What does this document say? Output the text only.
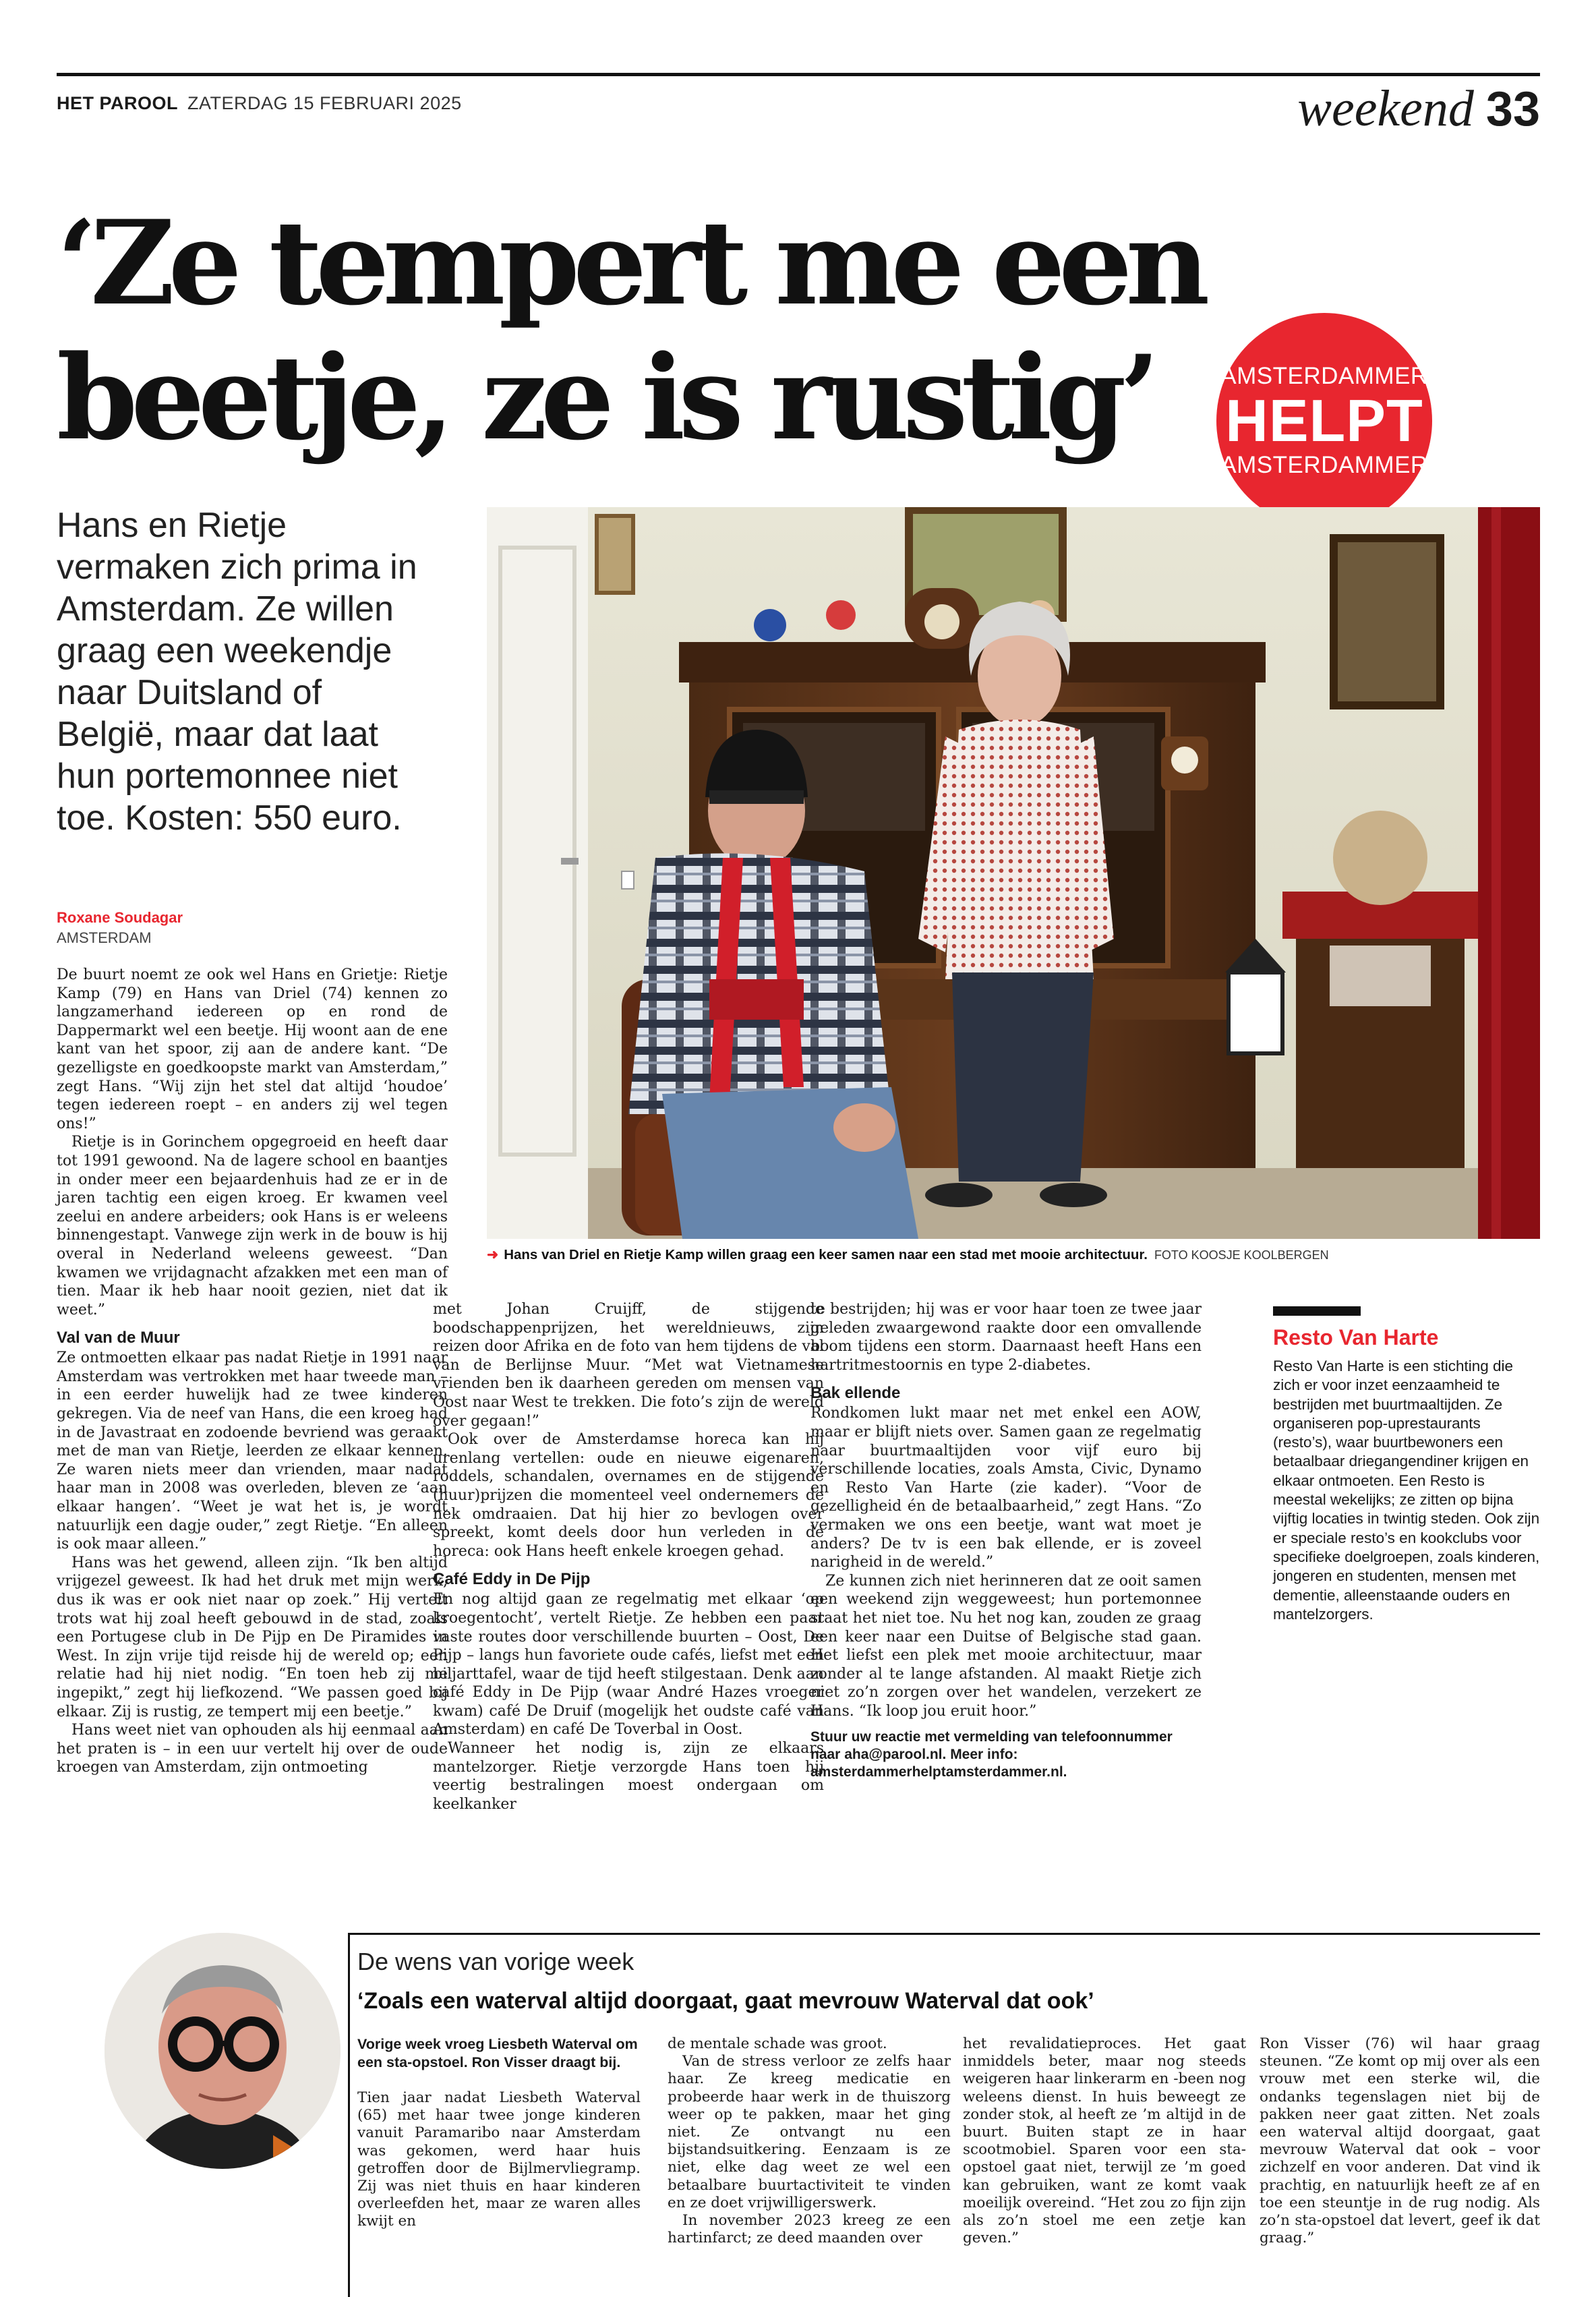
HET PAROOL ZATERDAG 15 FEBRUARI 2025	weekend 33
‘Ze tempert me een
beetje, ze is rustig’	AMSTERDAMMER
HELPT
AMSTERDAMMER
Hans en Rietje vermaken zich prima in Amsterdam. Ze willen graag een weekendje naar Duitsland of België, maar dat laat hun portemonnee niet toe. Kosten: 550 euro.
➜ Hans van Driel en Rietje Kamp willen graag een keer samen naar een stad met mooie architectuur. FOTO KOOSJE KOOLBERGEN
Roxane Soudagar
AMSTERDAM

De buurt noemt ze ook wel Hans en Grietje: Rietje Kamp (79) en Hans van Driel (74) kennen zo langzamerhand iedereen op en rond de Dappermarkt wel een beetje. Hij woont aan de ene kant van het spoor, zij aan de andere kant. “De gezelligste en goedkoopste markt van Amsterdam,” zegt Hans. “Wij zijn het stel dat altijd ‘houdoe’ tegen iedereen roept – en anders zij wel tegen ons!”

Rietje is in Gorinchem opgegroeid en heeft daar tot 1991 gewoond. Na de lagere school en baantjes in onder meer een bejaardenhuis had ze er in de jaren tachtig een eigen kroeg. Er kwamen veel zeelui en andere arbeiders; ook Hans is er weleens binnengestapt. Vanwege zijn werk in de bouw is hij overal in Nederland weleens geweest. “Dan kwamen we vrijdagnacht afzakken met een man of tien. Maar ik heb haar nooit gezien, niet dat ik weet.”

Val van de Muur

Ze ontmoetten elkaar pas nadat Rietje in 1991 naar Amsterdam was vertrokken met haar tweede man – in een eerder huwelijk had ze twee kinderen gekregen. Via de neef van Hans, die een kroeg had in de Javastraat en zodoende bevriend was geraakt met de man van Rietje, leerden ze elkaar kennen. Ze waren niets meer dan vrienden, maar nadat haar man in 2008 was overleden, bleven ze ‘aan elkaar hangen’. “Weet je wat het is, je wordt natuurlijk een dagje ouder,” zegt Rietje. “En alleen is ook maar alleen.”

Hans was het gewend, alleen zijn. “Ik ben altijd vrijgezel geweest. Ik had het druk met mijn werk, dus ik was er ook niet naar op zoek.” Hij vertelt trots wat hij zoal heeft gebouwd in de stad, zoals een Portugese club in De Pijp en De Piramides in West. In zijn vrije tijd reisde hij de wereld op; een relatie had hij niet nodig. “En toen heb zij me ingepikt,” zegt hij liefkozend. “We passen goed bij elkaar. Zij is rustig, ze tempert mij een beetje.”

Hans weet niet van ophouden als hij eenmaal aan het praten is – in een uur vertelt hij over de oude kroegen van Amsterdam, zijn ontmoeting

met Johan Cruijff, de stijgende boodschappenprijzen, het wereldnieuws, zijn reizen door Afrika en de foto van hem tijdens de val van de Berlijnse Muur. “Met wat Vietnamese vrienden ben ik daarheen gereden om mensen van Oost naar West te trekken. Die foto’s zijn de wereld over gegaan!”

Ook over de Amsterdamse horeca kan hij urenlang vertellen: oude en nieuwe eigenaren, roddels, schandalen, overnames en de stijgende (huur)prijzen die momenteel veel ondernemers de nek omdraaien. Dat hij hier zo bevlogen over spreekt, komt deels door hun verleden in de horeca: ook Hans heeft enkele kroegen gehad.

Café Eddy in De Pijp

En nog altijd gaan ze regelmatig met elkaar ‘op kroegentocht’, vertelt Rietje. Ze hebben een paar vaste routes door verschillende buurten – Oost, De Pijp – langs hun favoriete oude cafés, liefst met een biljarttafel, waar de tijd heeft stilgestaan. Denk aan café Eddy in De Pijp (waar André Hazes vroeger kwam) café De Druif (mogelijk het oudste café van Amsterdam) en café De Toverbal in Oost.

Wanneer het nodig is, zijn ze elkaars mantelzorger. Rietje verzorgde Hans toen hij veertig bestralingen moest ondergaan om keelkanker

te bestrijden; hij was er voor haar toen ze twee jaar geleden zwaargewond raakte door een omvallende boom tijdens een storm. Daarnaast heeft Hans een hartritmestoornis en type 2-diabetes.

Bak ellende

Rondkomen lukt maar net met enkel een AOW, maar er blijft niets over. Samen gaan ze regelmatig naar buurtmaaltijden voor vijf euro bij verschillende locaties, zoals Amsta, Civic, Dynamo en Resto Van Harte (zie kader). “Voor de gezelligheid én de betaalbaarheid,” zegt Hans. “Zo vermaken we ons een beetje, want wat moet je anders? De tv is een bak ellende, er is zoveel narigheid in de wereld.”

Ze kunnen zich niet herinneren dat ze ooit samen een weekend zijn weggeweest; hun portemonnee staat het niet toe. Nu het nog kan, zouden ze graag een keer naar een Duitse of Belgische stad gaan. Het liefst een plek met mooie architectuur, maar zonder al te lange afstanden. Al maakt Rietje zich niet zo’n zorgen over het wandelen, verzekert ze Hans. “Ik loop jou eruit hoor.”

Stuur uw reactie met vermelding van telefoonnummer naar aha@parool.nl. Meer info: amsterdammerhelptamsterdammer.nl.
Resto Van Harte

Resto Van Harte is een stichting die zich er voor inzet eenzaamheid te bestrijden met buurtmaaltijden. Ze organiseren pop-uprestaurants (resto’s), waar buurtbewoners een betaalbaar driegangendiner krijgen en elkaar ontmoeten. Een Resto is meestal wekelijks; ze zitten op bijna vijftig locaties in twintig steden. Ook zijn er speciale resto’s en kookclubs voor specifieke doelgroepen, zoals kinderen, jongeren en studenten, mensen met dementie, alleenstaande ouders en mantelzorgers.

De wens van vorige week
‘Zoals een waterval altijd doorgaat, gaat mevrouw Waterval dat ook’

Vorige week vroeg Liesbeth Waterval om een sta-opstoel. Ron Visser draagt bij.

Tien jaar nadat Liesbeth Waterval (65) met haar twee jonge kinderen vanuit Paramaribo naar Amsterdam was gekomen, werd haar huis getroffen door de Bijlmervliegramp. Zij was niet thuis en haar kinderen overleefden het, maar ze waren alles kwijt en

de mentale schade was groot.

Van de stress verloor ze zelfs haar haar. Ze kreeg medicatie en probeerde haar werk in de thuiszorg weer op te pakken, maar het ging niet. Ze ontvangt nu een bijstandsuitkering. Eenzaam is ze niet, elke dag weet ze wel een betaalbare buurtactiviteit te vinden en ze doet vrijwilligerswerk.

In november 2023 kreeg ze een hartinfarct; ze deed maanden over

het revalidatieproces. Het gaat inmiddels beter, maar nog steeds weigeren haar linkerarm en -been nog weleens dienst. In huis beweegt ze zonder stok, al heeft ze ’m altijd in de buurt. Buiten stapt ze in haar scootmobiel. Sparen voor een sta-opstoel gaat niet, terwijl ze ’m goed kan gebruiken, want ze komt vaak moeilijk overeind. “Het zou zo fijn zijn als zo’n stoel me een zetje kan geven.”

Ron Visser (76) wil haar graag steunen. “Ze komt op mij over als een vrouw met een sterke wil, die ondanks tegenslagen niet bij de pakken neer gaat zitten. Net zoals een waterval altijd doorgaat, gaat mevrouw Waterval dat ook – voor zichzelf en voor anderen. Dat vind ik prachtig, en natuurlijk heeft ze af en toe een steuntje in de rug nodig. Als zo’n sta-opstoel dat levert, geef ik dat graag.”
